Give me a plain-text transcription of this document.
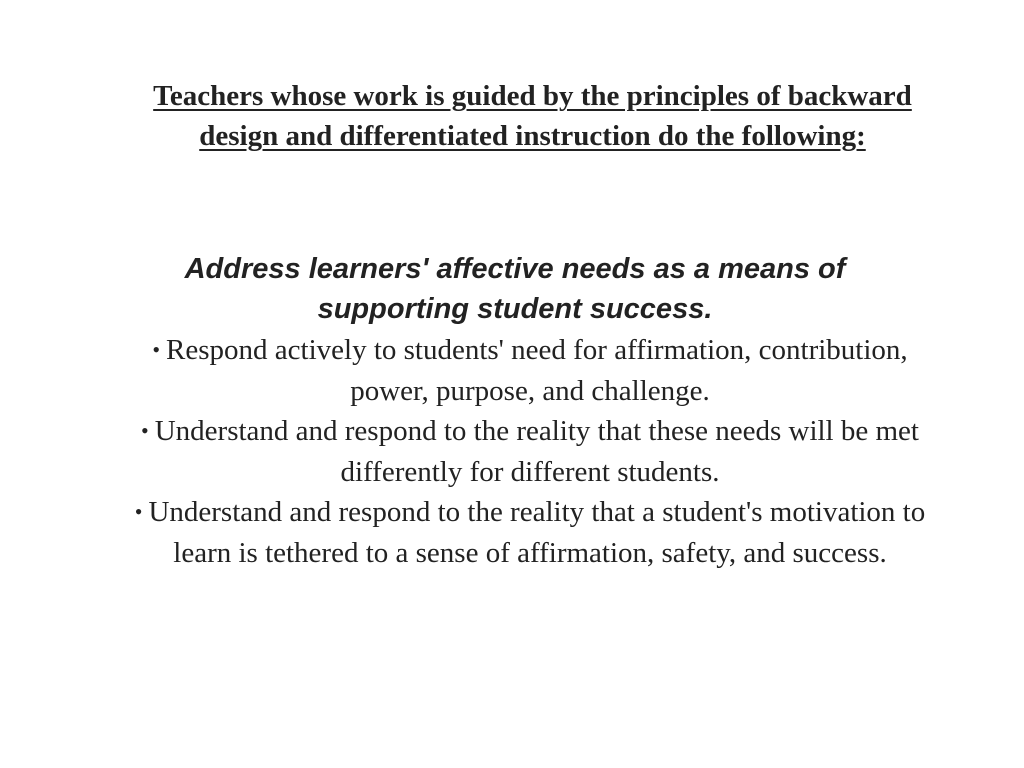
Teachers whose work is guided by the principles of backward design and differentiated instruction do the following:
Address learners' affective needs as a means of supporting student success.
• Respond actively to students' need for affirmation, contribution, power, purpose, and challenge.
• Understand and respond to the reality that these needs will be met differently for different students.
• Understand and respond to the reality that a student's motivation to learn is tethered to a sense of affirmation, safety, and success.
